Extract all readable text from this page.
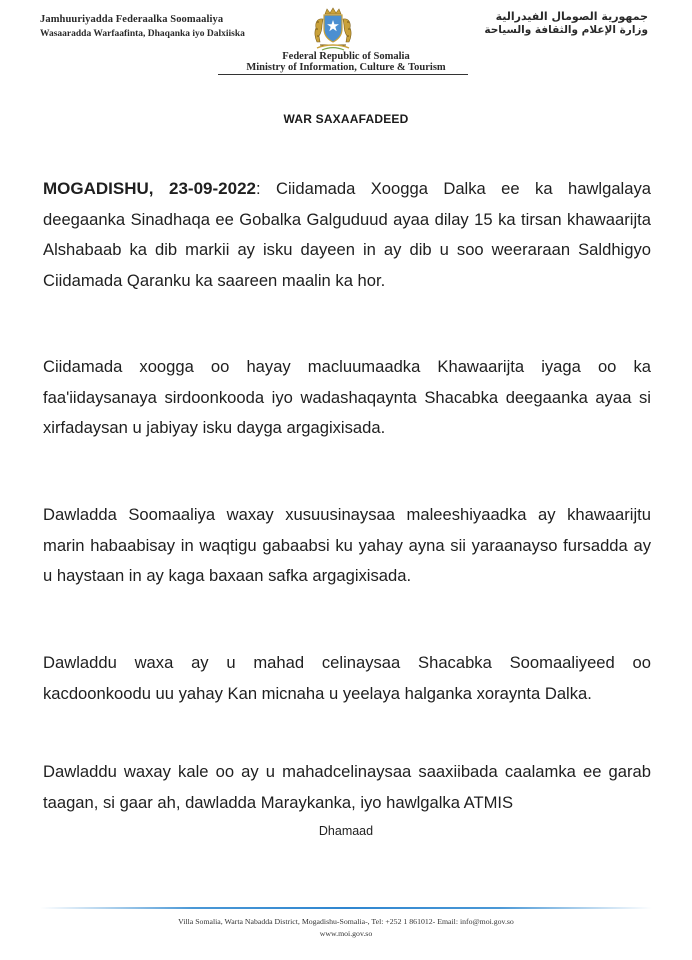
Jamhuuriyadda Federaalka Soomaaliya
Wasaaradda Warfaafinta, Dhaqanka iyo Dalxiiska
جمهورية الصومال الفيدرالية
وزارة الإعلام والثقافة والسياحة
Federal Republic of Somalia
Ministry of Information, Culture & Tourism
WAR SAXAAFADEED
MOGADISHU, 23-09-2022: Ciidamada Xoogga Dalka ee ka hawlgalaya deegaanka Sinadhaqa ee Gobalka Galguduud ayaa dilay 15 ka tirsan khawaarijta Alshabaab ka dib markii ay isku dayeen in ay dib u soo weeraraan Saldhigyo Ciidamada Qaranku ka saareen maalin ka hor.
Ciidamada xoogga oo hayay macluumaadka Khawaarijta iyaga oo ka faa'iidaysanaya sirdoonkooda iyo wadashaqaynta Shacabka deegaanka ayaa si xirfadaysan u jabiyay isku dayga argagixisada.
Dawladda Soomaaliya waxay xusuusinaysaa maleeshiyaadka ay khawaarijtu marin habaabisay in waqtigu gabaabsi ku yahay ayna sii yaraanayso fursadda ay u haystaan in ay kaga baxaan safka argagixisada.
Dawladdu waxa ay u mahad celinaysaa Shacabka Soomaaliyeed oo kacdoonkoodu uu yahay Kan micnaha u yeelaya halganka xoraynta Dalka.
Dawladdu waxay kale oo ay u mahadcelinaysaa saaxiibada caalamka ee garab taagan, si gaar ah, dawladda Maraykanka, iyo hawlgalka ATMIS
Dhamaad
Villa Somalia, Warta Nabadda District, Mogadishu-Somalia-, Tel: +252 1 861012- Email: info@moi.gov.so
www.moi.gov.so
